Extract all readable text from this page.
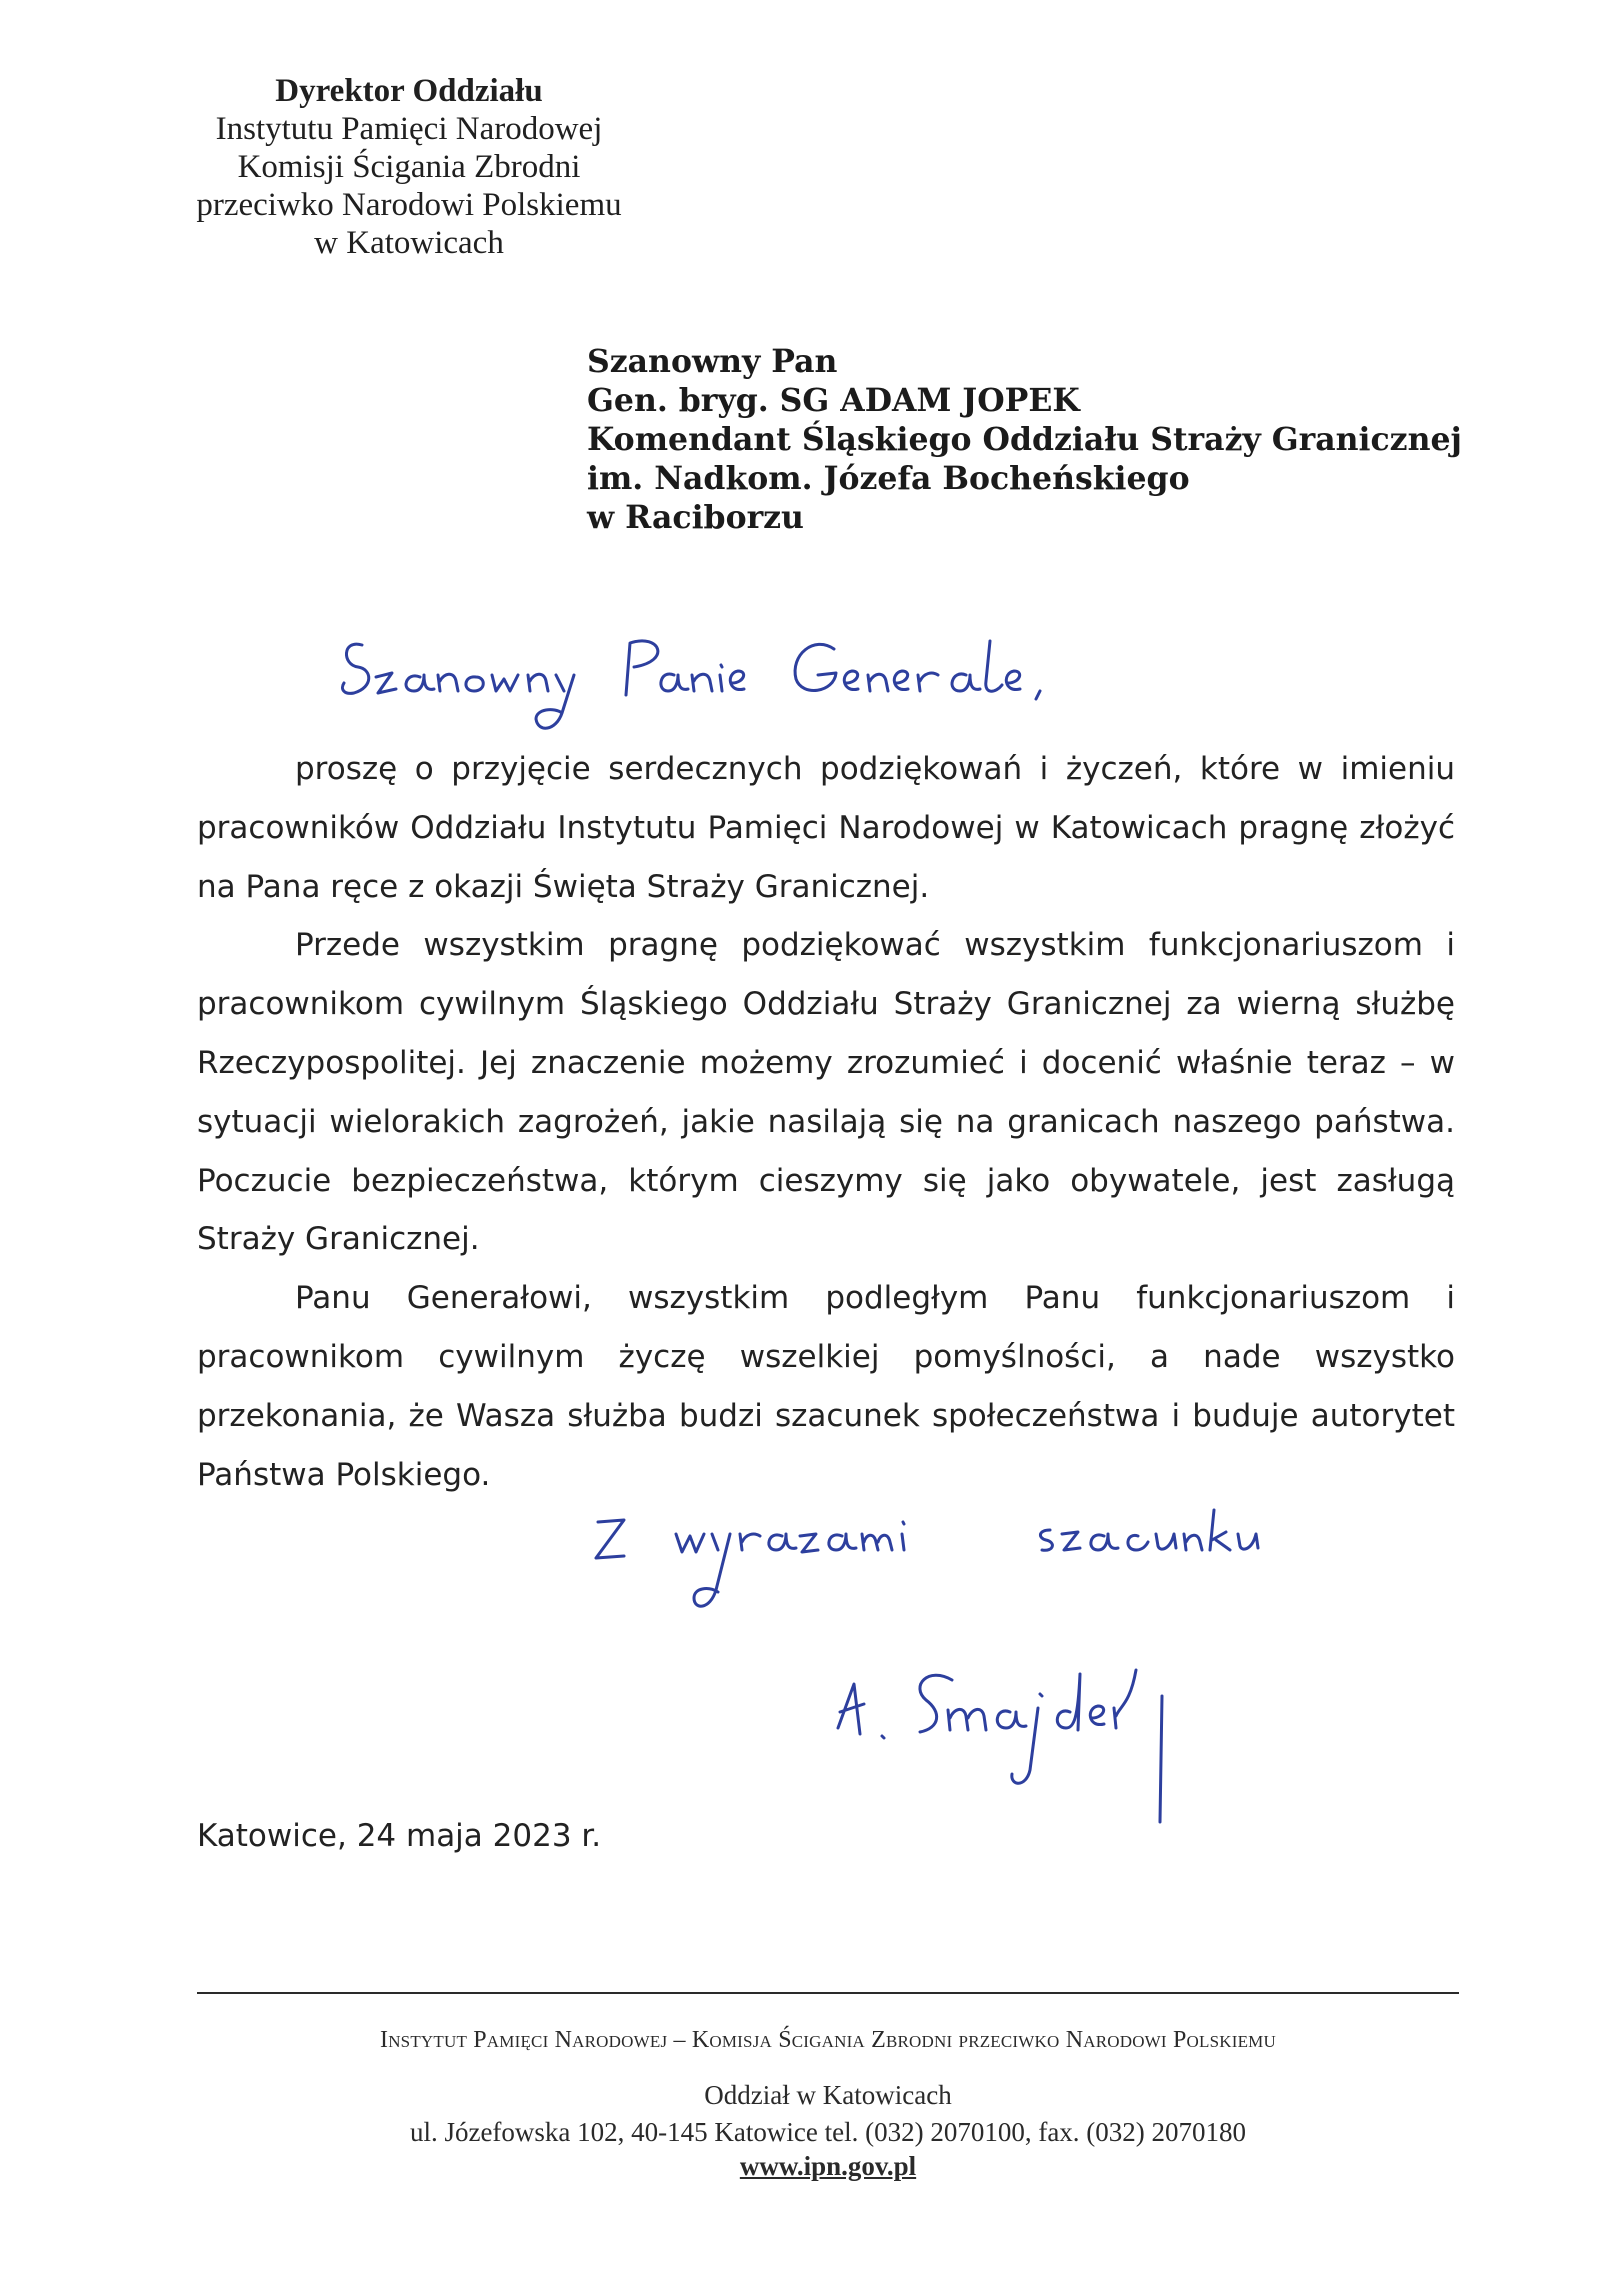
Dyrektor Oddziału
Instytutu Pamięci Narodowej
Komisji Ścigania Zbrodni
przeciwko Narodowi Polskiemu
w Katowicach
Szanowny Pan
Gen. bryg. SG ADAM JOPEK
Komendant Śląskiego Oddziału Straży Granicznej
im. Nadkom. Józefa Bocheńskiego
w Raciborzu

proszę o przyjęcie serdecznych podziękowań i życzeń, które w imieniu pracowników Oddziału Instytutu Pamięci Narodowej w Katowicach pragnę złożyć na Pana ręce z okazji Święta Straży Granicznej.

Przede wszystkim pragnę podziękować wszystkim funkcjonariuszom i pracownikom cywilnym Śląskiego Oddziału Straży Granicznej za wierną służbę Rzeczypospolitej. Jej znaczenie możemy zrozumieć i docenić właśnie teraz – w sytuacji wielorakich zagrożeń, jakie nasilają się na granicach naszego państwa. Poczucie bezpieczeństwa, którym cieszymy się jako obywatele, jest zasługą Straży Granicznej.

Panu Generałowi, wszystkim podległym Panu funkcjonariuszom i pracownikom cywilnym życzę wszelkiej pomyślności, a nade wszystko przekonania, że Wasza służba budzi szacunek społeczeństwa i buduje autorytet Państwa Polskiego.

Katowice, 24 maja 2023 r.
Instytut Pamięci Narodowej – Komisja Ścigania Zbrodni przeciwko Narodowi Polskiemu
Oddział w Katowicach
ul. Józefowska 102, 40-145 Katowice tel. (032) 2070100, fax. (032) 2070180
www.ipn.gov.pl
